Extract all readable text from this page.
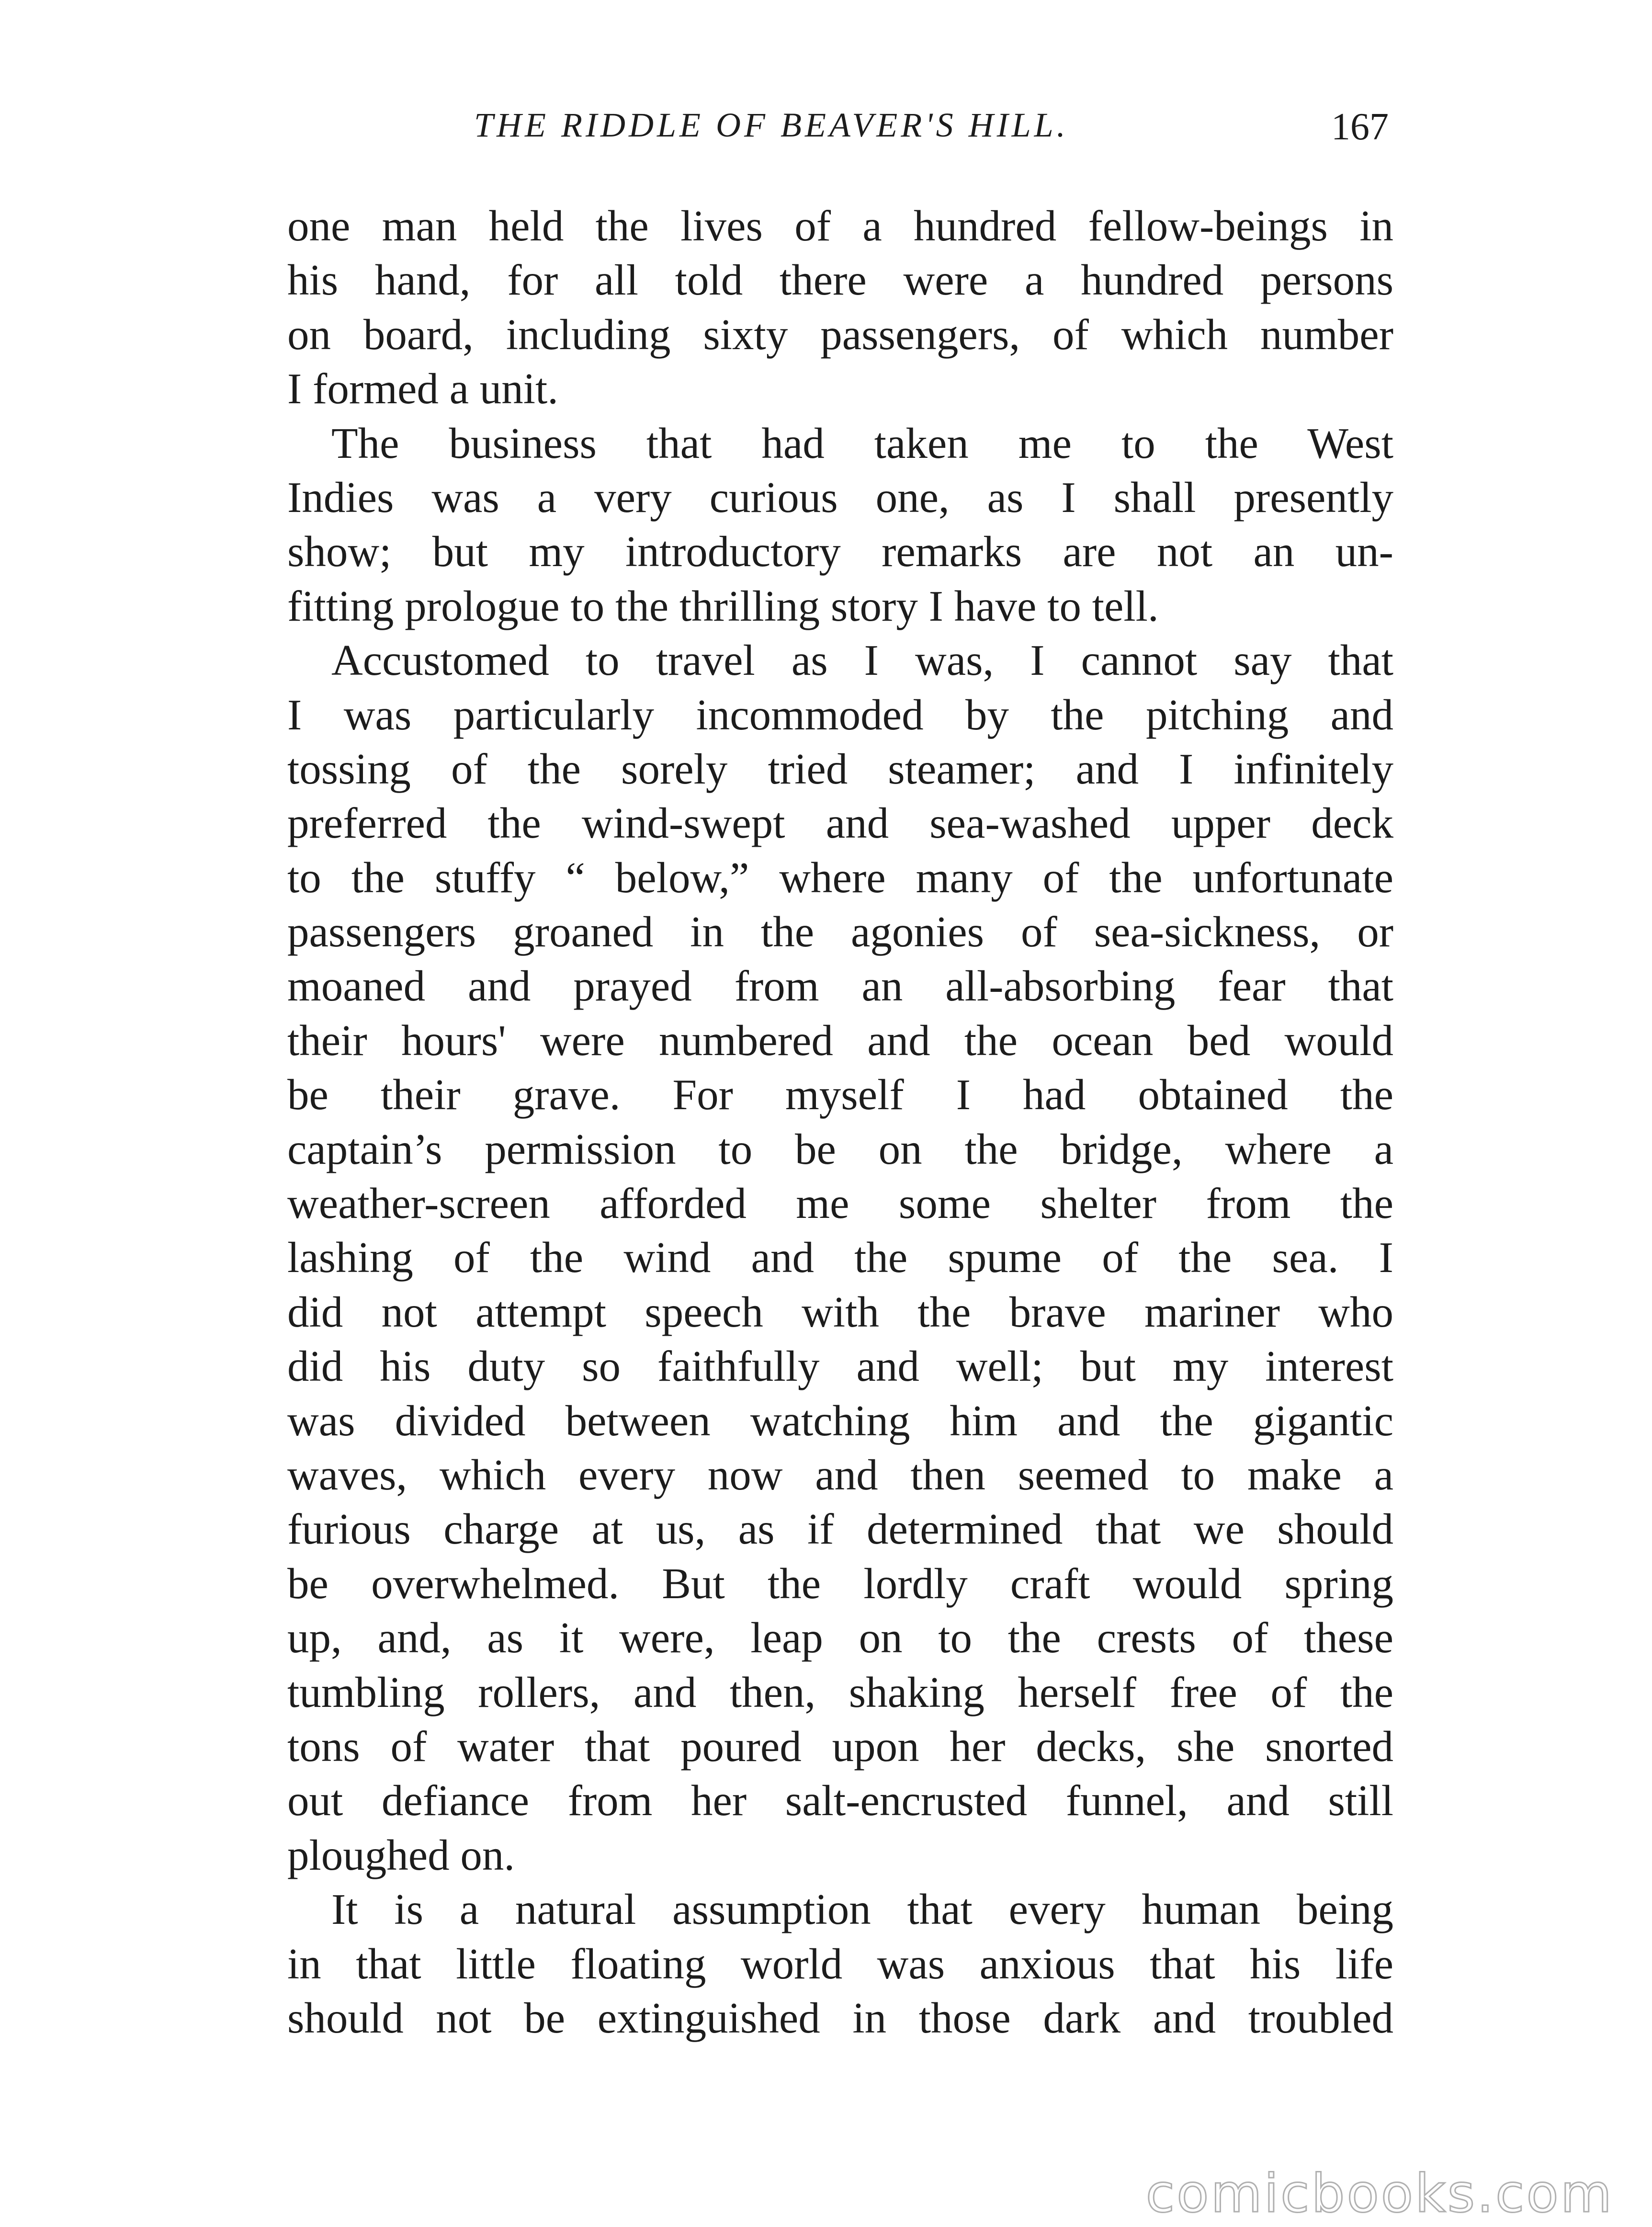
THE RIDDLE OF BEAVER'S HILL.	167
one man held the lives of a hundred fellow-beings in
his hand, for all told there were a hundred persons
on board, including sixty passengers, of which number
I formed a unit.
The business that had taken me to the West
Indies was a very curious one, as I shall presently
show; but my introductory remarks are not an un-
fitting prologue to the thrilling story I have to tell.
Accustomed to travel as I was, I cannot say that
I was particularly incommoded by the pitching and
tossing of the sorely tried steamer; and I infinitely
preferred the wind-swept and sea-washed upper deck
to the stuffy “ below,” where many of the unfortunate
passengers groaned in the agonies of sea-sickness, or
moaned and prayed from an all-absorbing fear that
their hours' were numbered and the ocean bed would
be their grave. For myself I had obtained the
captain’s permission to be on the bridge, where a
weather-screen afforded me some shelter from the
lashing of the wind and the spume of the sea. I
did not attempt speech with the brave mariner who
did his duty so faithfully and well; but my interest
was divided between watching him and the gigantic
waves, which every now and then seemed to make a
furious charge at us, as if determined that we should
be overwhelmed. But the lordly craft would spring
up, and, as it were, leap on to the crests of these
tumbling rollers, and then, shaking herself free of the
tons of water that poured upon her decks, she snorted
out defiance from her salt-encrusted funnel, and still
ploughed on.
It is a natural assumption that every human being
in that little floating world was anxious that his life
should not be extinguished in those dark and troubled
comicbooks.com
